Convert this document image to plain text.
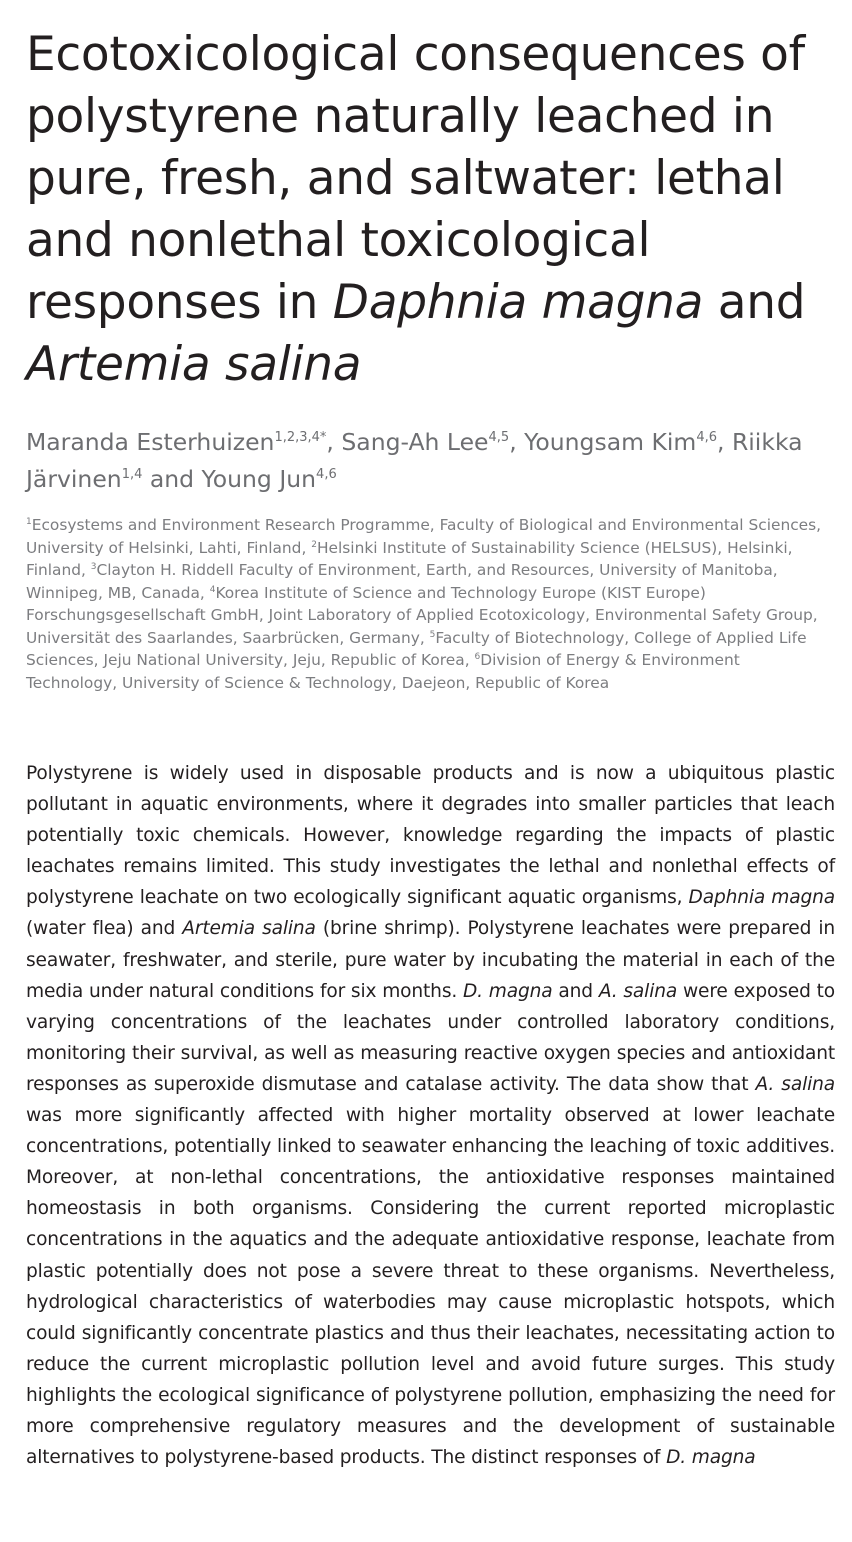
Ecotoxicological consequences of polystyrene naturally leached in pure, fresh, and saltwater: lethal and nonlethal toxicological responses in Daphnia magna and Artemia salina

Maranda Esterhuizen$^{1,2,3,4*}$, Sang-Ah Lee$^{4,5}$, Youngsam Kim$^{4,6}$, Riikka Järvinen$^{1,4}$ and Young Jun$^{4,6}$

$^1$Ecosystems and Environment Research Programme, Faculty of Biological and Environmental Sciences, University of Helsinki, Lahti, Finland, $^2$Helsinki Institute of Sustainability Science (HELSUS), Helsinki, Finland, $^3$Clayton H. Riddell Faculty of Environment, Earth, and Resources, University of Manitoba, Winnipeg, MB, Canada, $^4$Korea Institute of Science and Technology Europe (KIST Europe) Forschungsgesellschaft GmbH, Joint Laboratory of Applied Ecotoxicology, Environmental Safety Group, Universität des Saarlandes, Saarbrücken, Germany, $^5$Faculty of Biotechnology, College of Applied Life Sciences, Jeju National University, Jeju, Republic of Korea, $^6$Division of Energy & Environment Technology, University of Science & Technology, Daejeon, Republic of Korea

Polystyrene is widely used in disposable products and is now a ubiquitous plastic pollutant in aquatic environments, where it degrades into smaller particles that leach potentially toxic chemicals. However, knowledge regarding the impacts of plastic leachates remains limited. This study investigates the lethal and nonlethal effects of polystyrene leachate on two ecologically significant aquatic organisms, Daphnia magna (water flea) and Artemia salina (brine shrimp). Polystyrene leachates were prepared in seawater, freshwater, and sterile, pure water by incubating the material in each of the media under natural conditions for six months. D. magna and A. salina were exposed to varying concentrations of the leachates under controlled laboratory conditions, monitoring their survival, as well as measuring reactive oxygen species and antioxidant responses as superoxide dismutase and catalase activity. The data show that A. salina was more significantly affected with higher mortality observed at lower leachate concentrations, potentially linked to seawater enhancing the leaching of toxic additives. Moreover, at non-lethal concentrations, the antioxidative responses maintained homeostasis in both organisms. Considering the current reported microplastic concentrations in the aquatics and the adequate antioxidative response, leachate from plastic potentially does not pose a severe threat to these organisms. Nevertheless, hydrological characteristics of waterbodies may cause microplastic hotspots, which could significantly concentrate plastics and thus their leachates, necessitating action to reduce the current microplastic pollution level and avoid future surges. This study highlights the ecological significance of polystyrene pollution, emphasizing the need for more comprehensive regulatory measures and the development of sustainable alternatives to polystyrene-based products. The distinct responses of D. magna
